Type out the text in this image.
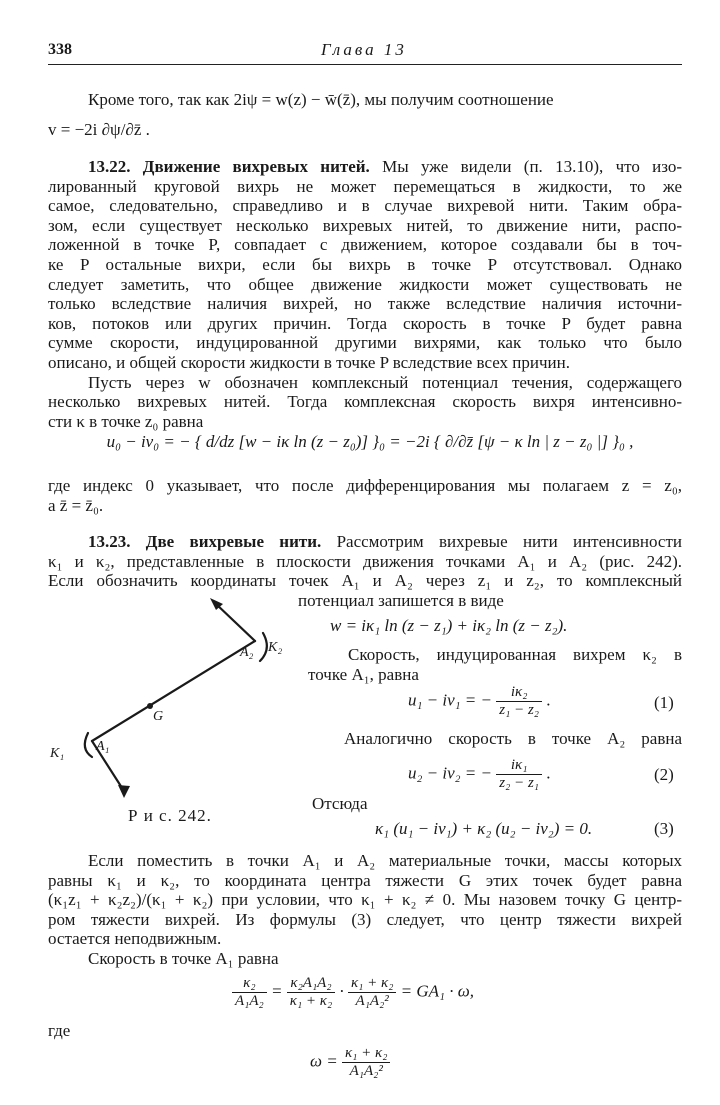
338	Глава 13
Кроме того, так как 2iψ = w(z) − w̄(z̄), мы получим соотношение
v = −2i ∂ψ/∂z̄ .
13.22. Движение вихревых нитей. Мы уже видели (п. 13.10), что изо-
лированный круговой вихрь не может перемещаться в жидкости, то же
самое, следовательно, справедливо и в случае вихревой нити. Таким обра-
зом, если существует несколько вихревых нитей, то движение нити, распо-
ложенной в точке P, совпадает с движением, которое создавали бы в точ-
ке P остальные вихри, если бы вихрь в точке P отсутствовал. Однако
следует заметить, что общее движение жидкости может существовать не
только вследствие наличия вихрей, но также вследствие наличия источни-
ков, потоков или других причин. Тогда скорость в точке P будет равна
сумме скорости, индуцированной другими вихрями, как только что было
описано, и общей скорости жидкости в точке P вследствие всех причин.
Пусть через w обозначен комплексный потенциал течения, содержащего
несколько вихревых нитей. Тогда комплексная скорость вихря интенсивно-
сти κ в точке z₀ равна
u₀ − iv₀ = − { d/dz [w − iκ ln (z − z₀)] }₀ = −2i { ∂/∂z̄ [ψ − κ ln | z − z₀ |] }₀ ,
где индекс 0 указывает, что после дифференцирования мы полагаем z = z₀,
а z̄ = z̄₀.
13.23. Две вихревые нити. Рассмотрим вихревые нити интенсивности
κ₁ и κ₂, представленные в плоскости движения точками A₁ и A₂ (рис. 242).
Если обозначить координаты точек A₁ и A₂ через z₁ и z₂, то комплексный
потенциал запишется в виде
w = iκ₁ ln (z − z₁) + iκ₂ ln (z − z₂).
Скорость, индуцированная вихрем κ₂ в
точке A₁, равна
u₁ − iv₁ = − $\frac{\text{iκ₂}}{\text{z₁ − z₂}}$ .	(1)
Аналогично скорость в точке A₂ равна
u₂ − iv₂ = − $\frac{\text{iκ₁}}{\text{z₂ − z₁}}$ .	(2)
Отсюда
κ₁ (u₁ − iv₁) + κ₂ (u₂ − iv₂) = 0.	(3)
A₂ K₂
G
A₁
K₁
Р и с. 242.
Если поместить в точки A₁ и A₂ материальные точки, массы которых
равны κ₁ и κ₂, то координата центра тяжести G этих точек будет равна
(κ₁z₁ + κ₂z₂)/(κ₁ + κ₂) при условии, что κ₁ + κ₂ ≠ 0. Мы назовем точку G центр-
ром тяжести вихрей. Из формулы (3) следует, что центр тяжести вихрей
остается неподвижным.
Скорость в точке A₁ равна
$\frac{\text{κ₂}}{\text{A₁A₂}} = \frac{\text{κ₂A₁A₂}}{\text{κ₁ + κ₂}} \cdot \frac{\text{κ₁ + κ₂}}{\text{A₁A₂²}} = GA_1 \cdot \omega$,
где
$\omega = \frac{\text{κ₁ + κ₂}}{\text{A₁A₂²}}$
